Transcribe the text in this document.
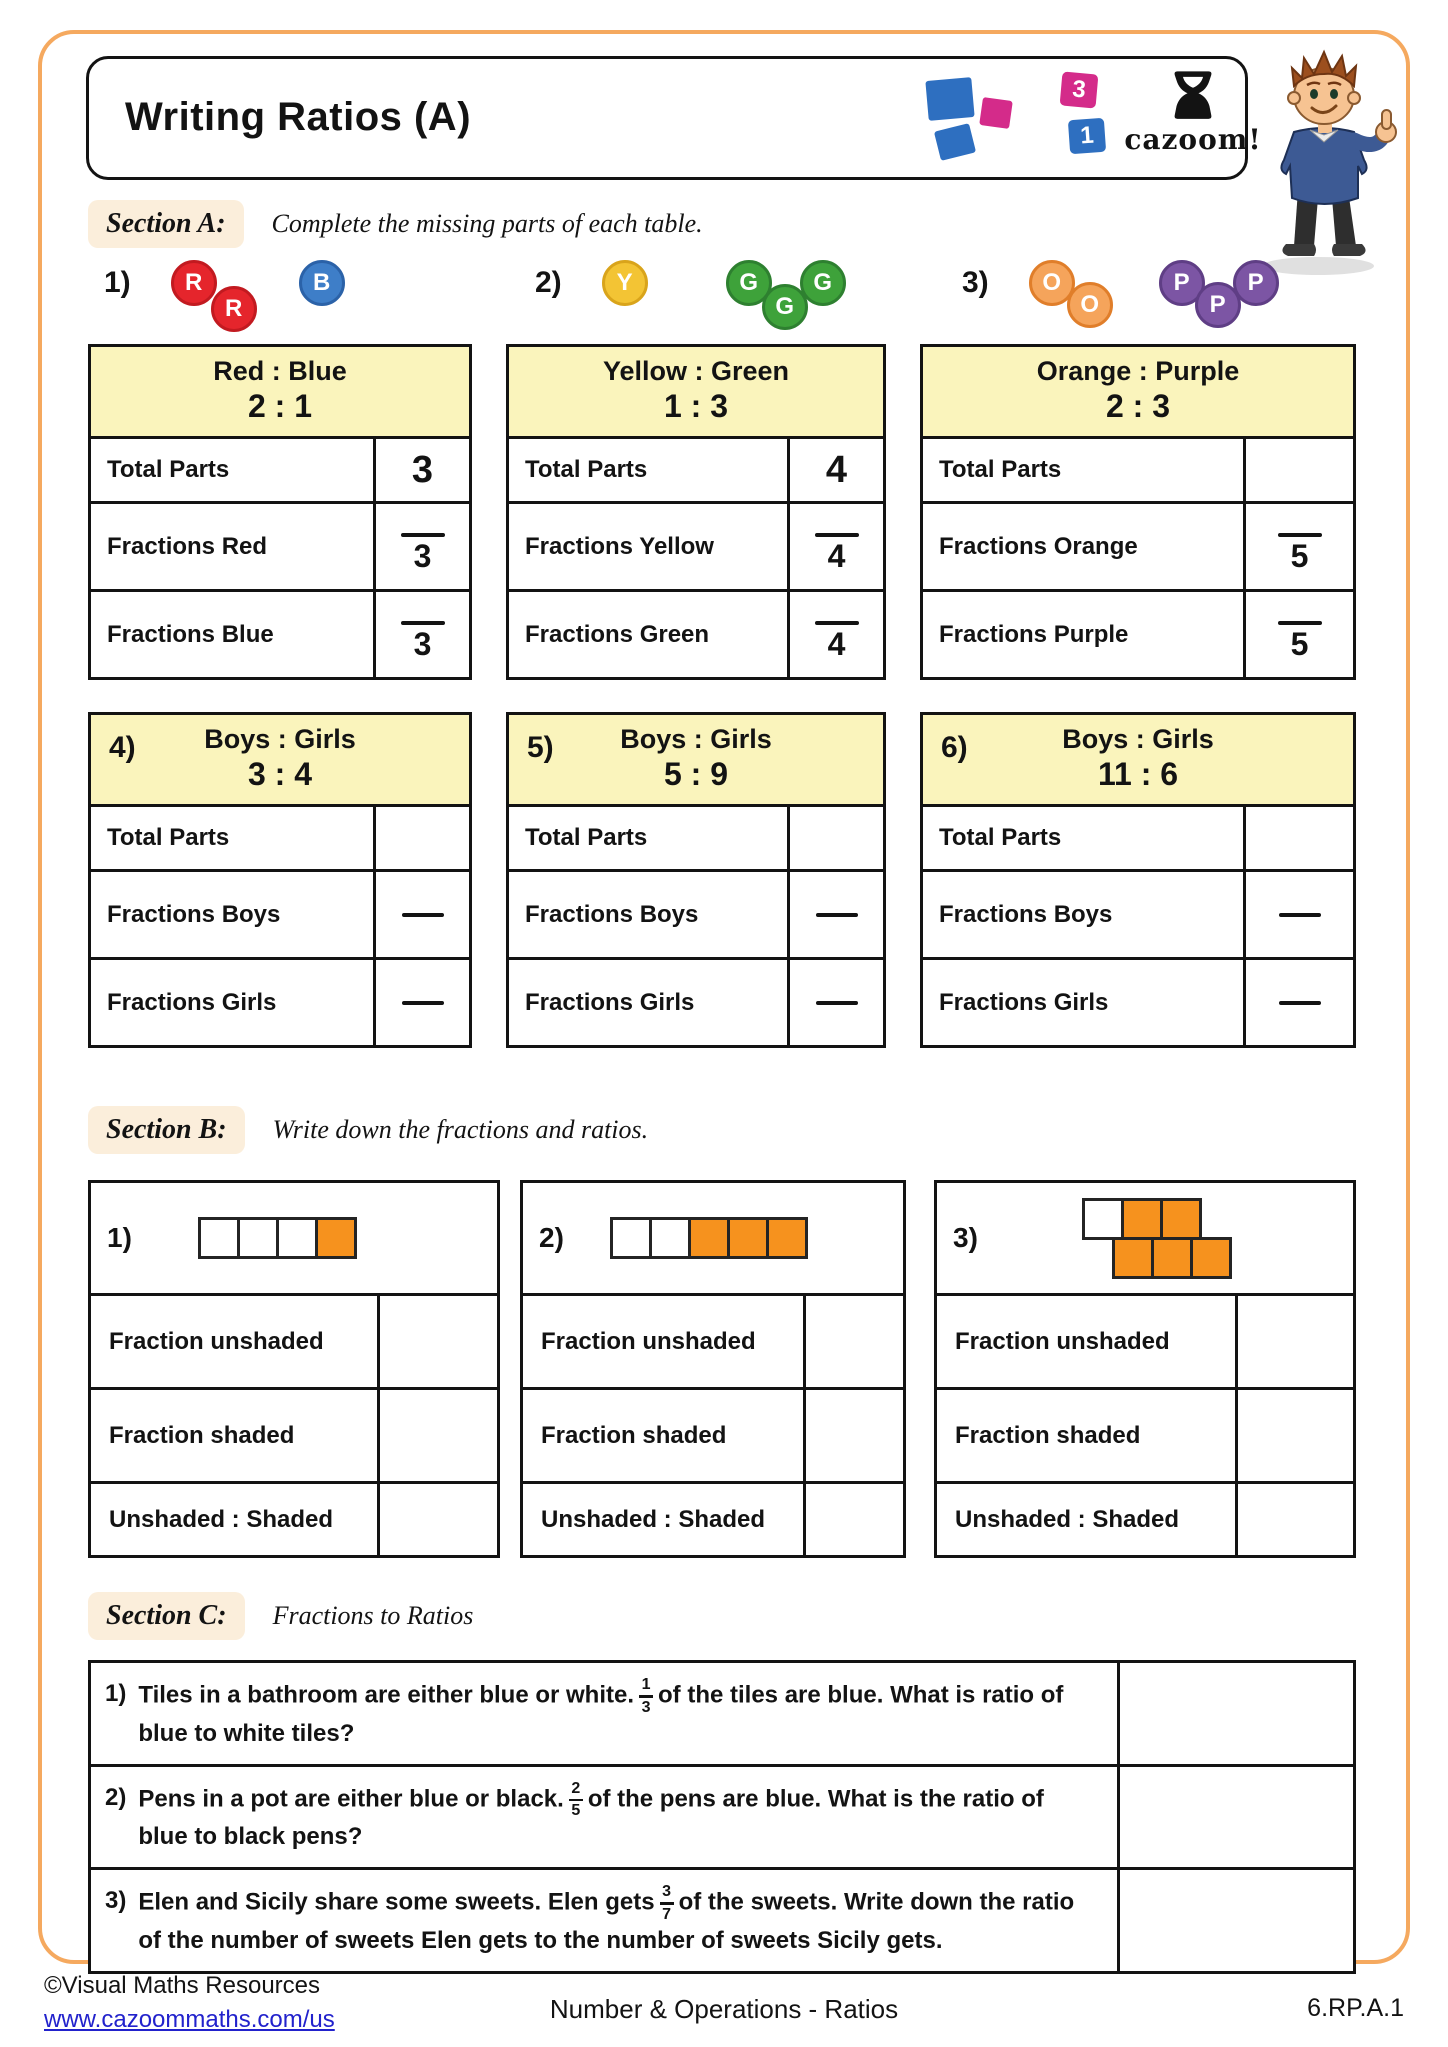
Writing Ratios (A)
3
1	cazoom!
Section A:	Complete the missing parts of each table.
1)	R
R
B	2)	Y	G
G
G	3)	O
O
P
P
P
Red : Blue
2 : 1
Total Parts	3
Fractions Red	3
Fractions Blue	3
Yellow : Green
1 : 3
Total Parts	4
Fractions Yellow	4
Fractions Green	4
Orange : Purple
2 : 3
Total Parts
Fractions Orange	5
Fractions Purple	5
4)	Boys : Girls
3 : 4
Total Parts
Fractions Boys
Fractions Girls
5)	Boys : Girls
5 : 9
Total Parts
Fractions Boys
Fractions Girls
6)	Boys : Girls
11 : 6
Total Parts
Fractions Boys
Fractions Girls
Section B:	Write down the fractions and ratios.
1)
Fraction unshaded
Fraction shaded
Unshaded : Shaded
2)
Fraction unshaded
Fraction shaded
Unshaded : Shaded
3)
Fraction unshaded
Fraction shaded
Unshaded : Shaded
Section C:	Fractions to Ratios
1) Tiles in a bathroom are either blue or white. $\frac{1}{3}$ of the tiles are blue. What is ratio of blue to white tiles?

2) Pens in a pot are either blue or black. $\frac{2}{5}$ of the pens are blue. What is the ratio of blue to black pens?

3) Elen and Sicily share some sweets. Elen gets $\frac{3}{7}$ of the sweets. Write down the ratio of the number of sweets Elen gets to the number of sweets Sicily gets.

©Visual Maths Resources
www.cazoommaths.com/us	Number & Operations - Ratios	6.RP.A.1
